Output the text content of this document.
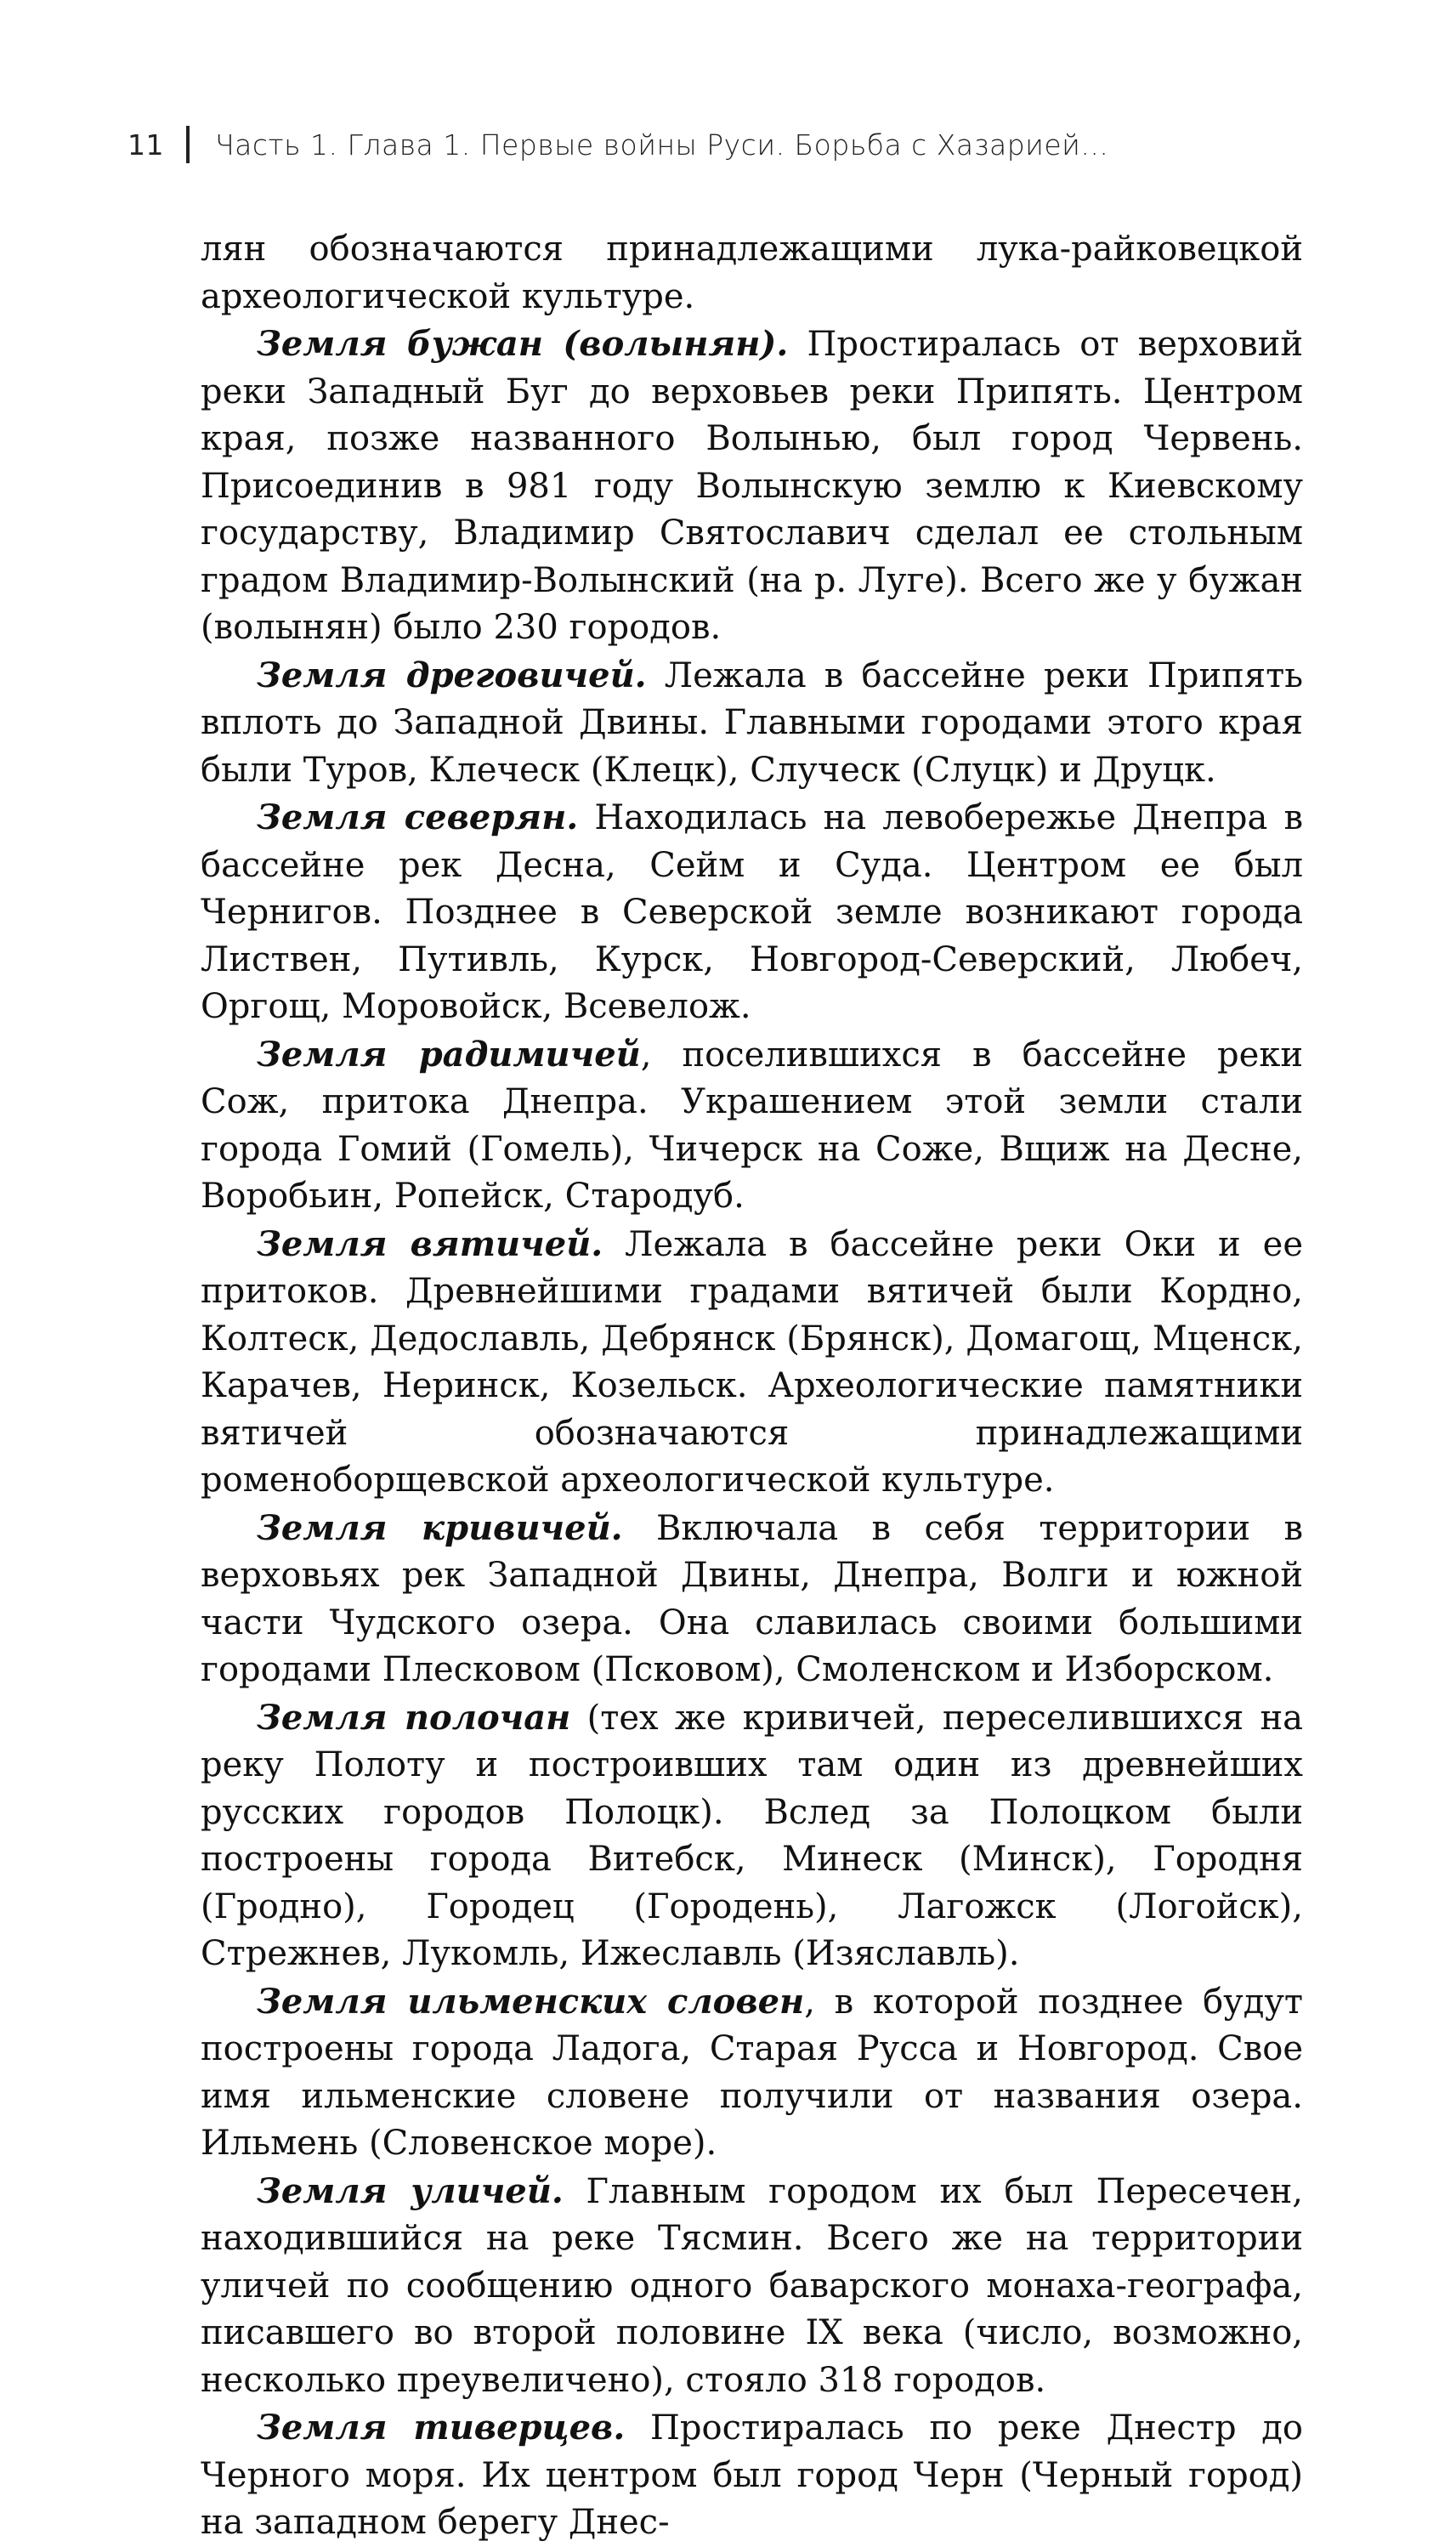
11 Часть 1. Глава 1. Первые войны Руси. Борьба с Хазарией...

лян обозначаются принадлежащими лука-райковецкой археологической культуре.

Земля бужан (волынян). Простиралась от верховий реки Западный Буг до верховьев реки Припять. Центром края, позже названного Волынью, был город Червень. Присоединив в 981 году Волынскую землю к Киевскому государству, Владимир Святославич сделал ее стольным градом Владимир-Волынский (на р. Луге). Всего же у бужан (волынян) было 230 городов.

Земля дреговичей. Лежала в бассейне реки Припять вплоть до Западной Двины. Главными городами этого края были Туров, Клеческ (Клецк), Случеск (Слуцк) и Друцк.

Земля северян. Находилась на левобережье Днепра в бассейне рек Десна, Сейм и Суда. Центром ее был Чернигов. Позднее в Северской земле возникают города Листвен, Путивль, Курск, Новгород-Северский, Любеч, Оргощ, Моровойск, Всевелож.

Земля радимичей, поселившихся в бассейне реки Сож, притока Днепра. Украшением этой земли стали города Гомий (Гомель), Чичерск на Соже, Вщиж на Десне, Воробьин, Ропейск, Стародуб.

Земля вятичей. Лежала в бассейне реки Оки и ее притоков. Древнейшими градами вятичей были Кордно, Колтеск, Дедославль, Дебрянск (Брянск), Домагощ, Мценск, Карачев, Неринск, Козельск. Археологические памятники вятичей обозначаются принадлежащими роменоборщевской археологической культуре.

Земля кривичей. Включала в себя территории в верховьях рек Западной Двины, Днепра, Волги и южной части Чудского озера. Она славилась своими большими городами Плесковом (Псковом), Смоленском и Изборском.

Земля полочан (тех же кривичей, переселившихся на реку Полоту и построивших там один из древнейших русских городов Полоцк). Вслед за Полоцком были построены города Витебск, Минеск (Минск), Городня (Гродно), Городец (Городень), Лагожск (Логойск), Стрежнев, Лукомль, Ижеславль (Изяславль).

Земля ильменских словен, в которой позднее будут построены города Ладога, Старая Русса и Новгород. Свое имя ильменские словене получили от названия озера. Ильмень (Словенское море).

Земля уличей. Главным городом их был Пересечен, находившийся на реке Тясмин. Всего же на территории уличей по сообщению одного баварского монаха-географа, писавшего во второй половине IX века (число, возможно, несколько преувеличено), стояло 318 городов.

Земля тиверцев. Простиралась по реке Днестр до Черного моря. Их центром был город Черн (Черный город) на западном берегу Днес-
